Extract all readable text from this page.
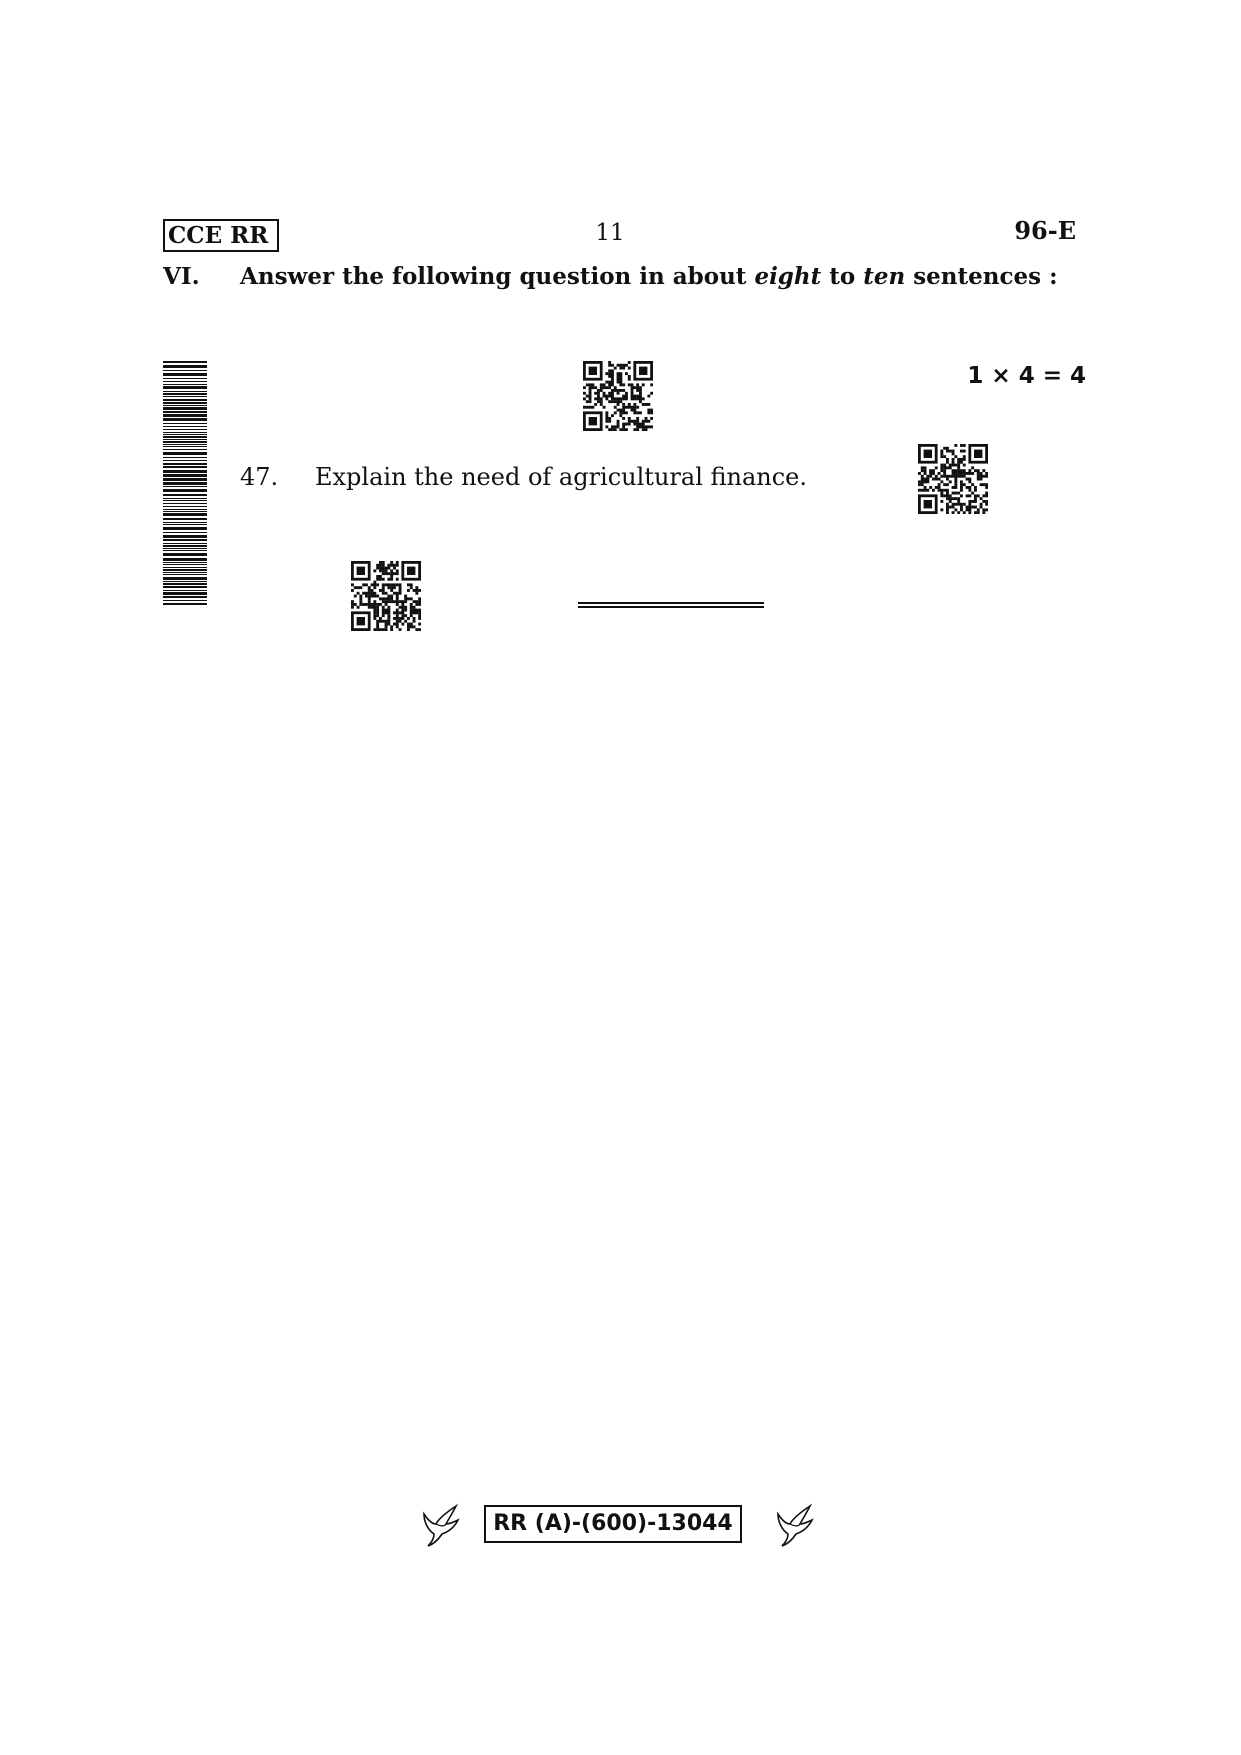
CCE RR	11	96-E
VI. Answer the following question in about eight to ten sentences :
1 × 4 = 4
47. Explain the need of agricultural finance.
RR (A)-(600)-13044
